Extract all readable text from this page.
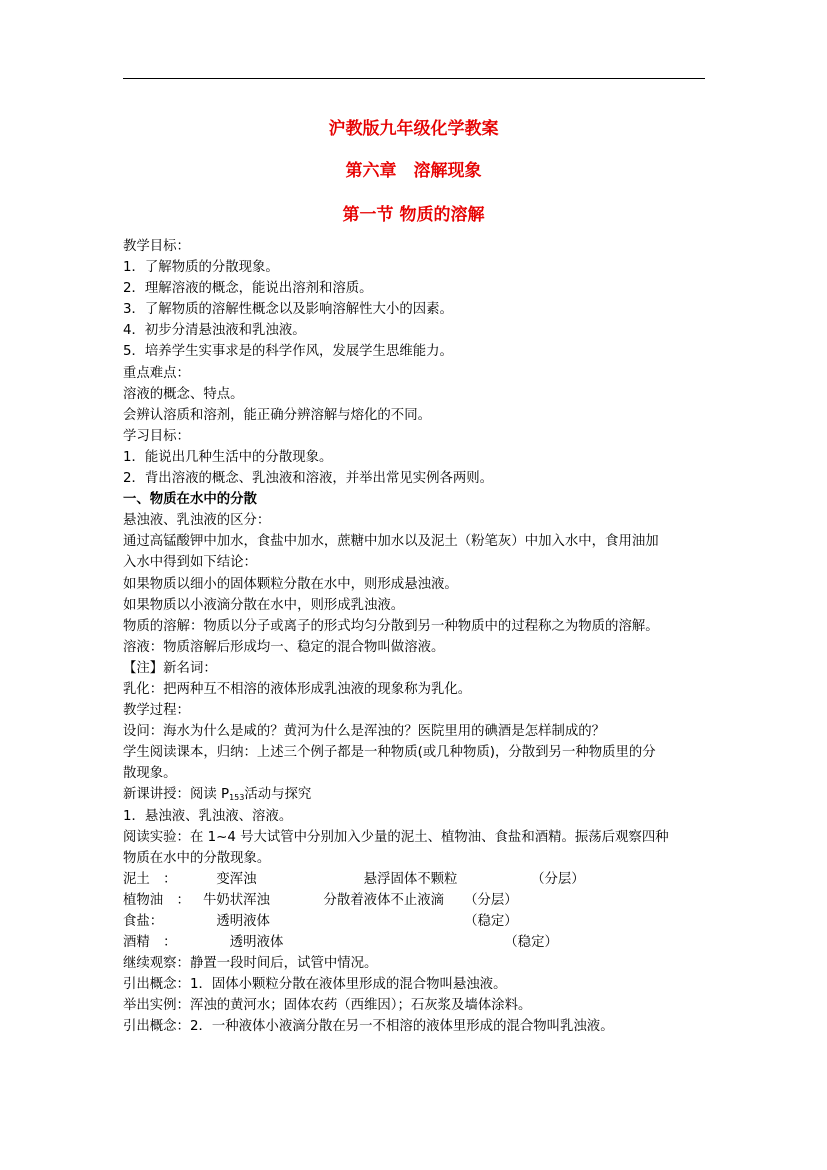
沪教版九年级化学教案
第六章　溶解现象
第一节 物质的溶解
教学目标：
1．了解物质的分散现象。
2．理解溶液的概念，能说出溶剂和溶质。
3．了解物质的溶解性概念以及影响溶解性大小的因素。
4．初步分清悬浊液和乳浊液。
5．培养学生实事求是的科学作风，发展学生思维能力。
重点难点：
溶液的概念、特点。
会辨认溶质和溶剂，能正确分辨溶解与熔化的不同。
学习目标：
1．能说出几种生活中的分散现象。
2．背出溶液的概念、乳浊液和溶液，并举出常见实例各两则。
一、物质在水中的分散
悬浊液、乳浊液的区分：
通过高锰酸钾中加水，食盐中加水，蔗糖中加水以及泥土（粉笔灰）中加入水中，食用油加
入水中得到如下结论：
如果物质以细小的固体颗粒分散在水中，则形成悬浊液。
如果物质以小液滴分散在水中，则形成乳浊液。
物质的溶解：物质以分子或离子的形式均匀分散到另一种物质中的过程称之为物质的溶解。
溶液：物质溶解后形成均一、稳定的混合物叫做溶液。
【注】新名词：
乳化：把两种互不相溶的液体形成乳浊液的现象称为乳化。
教学过程：
设问：海水为什么是咸的？黄河为什么是浑浊的？医院里用的碘酒是怎样制成的？
学生阅读课本，归纳：上述三个例子都是一种物质(或几种物质)，分散到另一种物质里的分
散现象。
新课讲授：阅读 $P_{153}$活动与探究
1．悬浊液、乳浊液、溶液。
阅读实验：在 1~4 号大试管中分别加入少量的泥土、植物油、食盐和酒精。振荡后观察四种
物质在水中的分散现象。
泥土　：　变浑浊　　　　　　　　悬浮固体不颗粒　　　　　　（分层）
植物油　： 牛奶状浑浊　　　　分散着液体不止液滴　　（分层）
食盐：	　透明液体　　　　　　　　　　　　　　　（稳定）
酒精　：　　透明液体　　　　　　　　　　　　　　　　　（稳定）
继续观察：静置一段时间后，试管中情况。
引出概念：1．固体小颗粒分散在液体里形成的混合物叫悬浊液。
举出实例：浑浊的黄河水；固体农药（西维因）；石灰浆及墙体涂料。
引出概念：2．一种液体小液滴分散在另一不相溶的液体里形成的混合物叫乳浊液。
